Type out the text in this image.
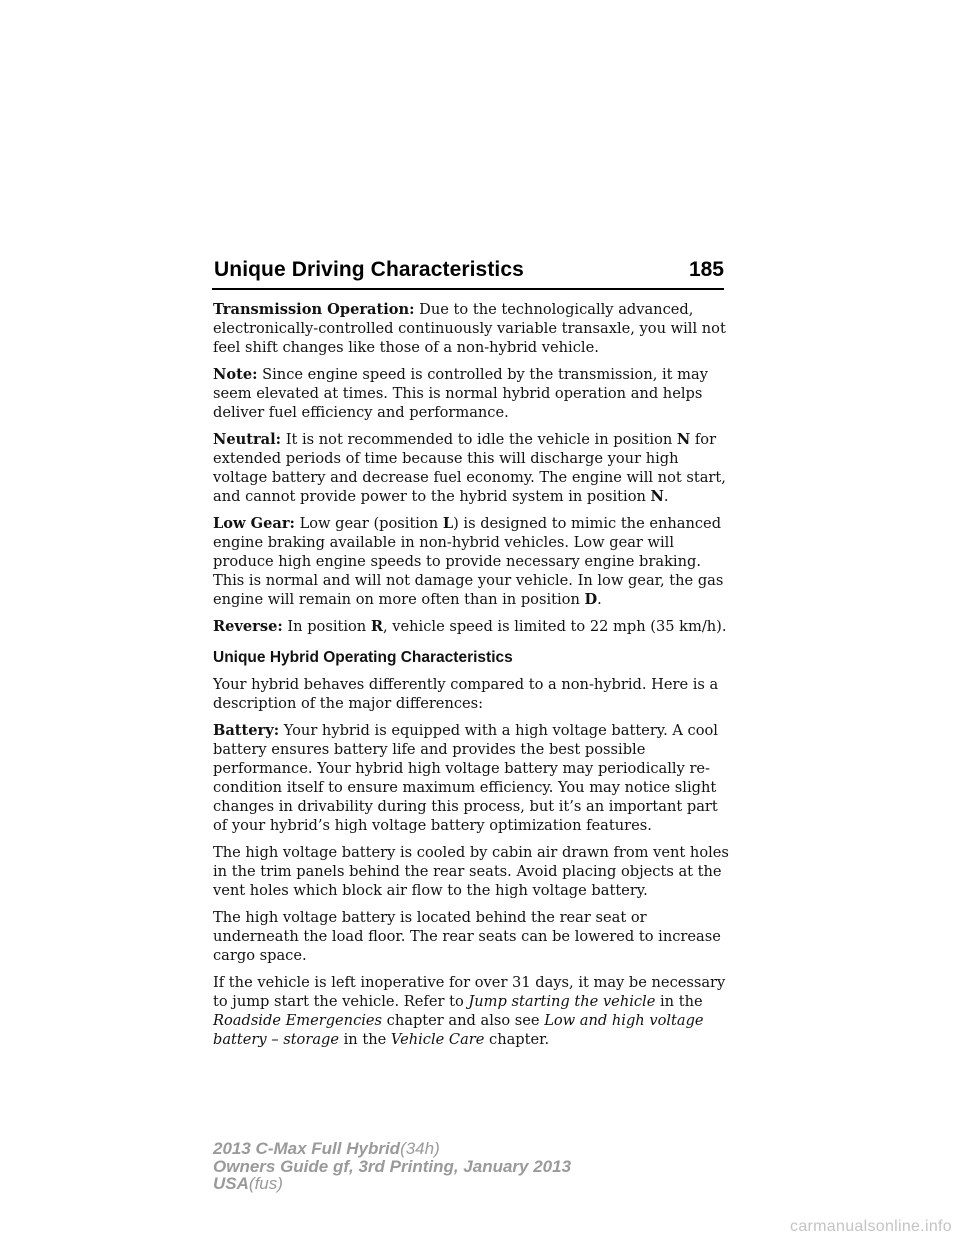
Unique Driving Characteristics	185

Transmission Operation: Due to the technologically advanced, electronically-controlled continuously variable transaxle, you will not feel shift changes like those of a non-hybrid vehicle.

Note: Since engine speed is controlled by the transmission, it may seem elevated at times. This is normal hybrid operation and helps deliver fuel efficiency and performance.

Neutral: It is not recommended to idle the vehicle in position N for extended periods of time because this will discharge your high voltage battery and decrease fuel economy. The engine will not start, and cannot provide power to the hybrid system in position N.

Low Gear: Low gear (position L) is designed to mimic the enhanced engine braking available in non-hybrid vehicles. Low gear will produce high engine speeds to provide necessary engine braking. This is normal and will not damage your vehicle. In low gear, the gas engine will remain on more often than in position D.

Reverse: In position R, vehicle speed is limited to 22 mph (35 km/h).

Unique Hybrid Operating Characteristics

Your hybrid behaves differently compared to a non-hybrid. Here is a description of the major differences:

Battery: Your hybrid is equipped with a high voltage battery. A cool battery ensures battery life and provides the best possible performance. Your hybrid high voltage battery may periodically re-condition itself to ensure maximum efficiency. You may notice slight changes in drivability during this process, but it’s an important part of your hybrid’s high voltage battery optimization features.

The high voltage battery is cooled by cabin air drawn from vent holes in the trim panels behind the rear seats. Avoid placing objects at the vent holes which block air flow to the high voltage battery.

The high voltage battery is located behind the rear seat or underneath the load floor. The rear seats can be lowered to increase cargo space.

If the vehicle is left inoperative for over 31 days, it may be necessary to jump start the vehicle. Refer to Jump starting the vehicle in the Roadside Emergencies chapter and also see Low and high voltage battery – storage in the Vehicle Care chapter.

2013 C-Max Full Hybrid(34h)
Owners Guide gf, 3rd Printing, January 2013
USA(fus)
carmanualsonline.info
